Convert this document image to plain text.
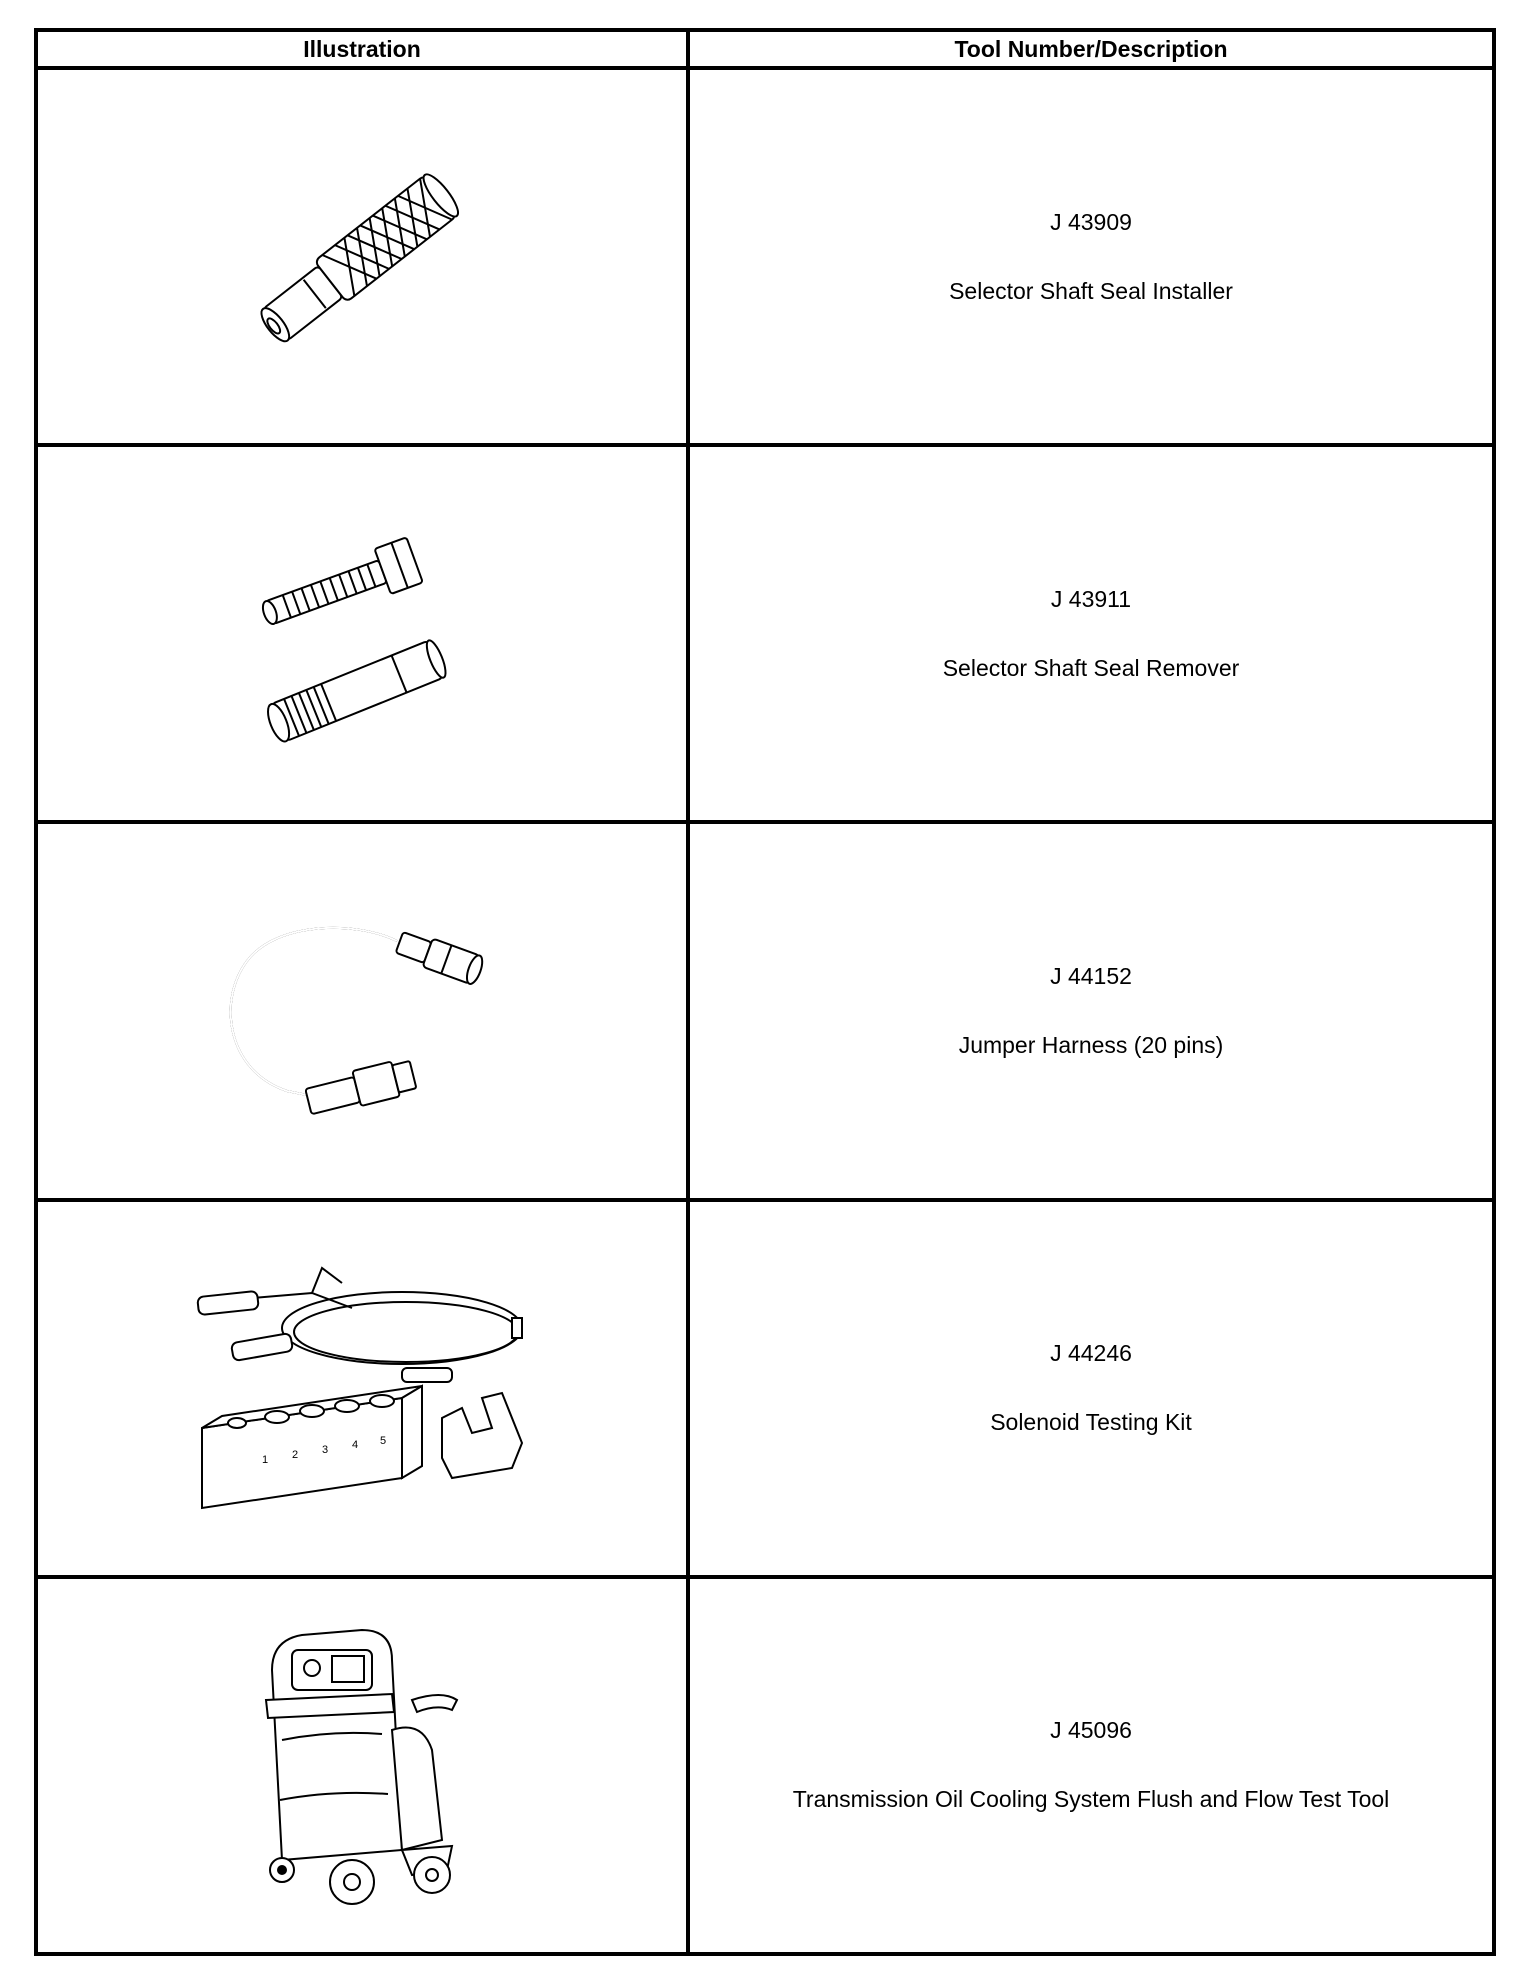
Illustration	Tool Number/Description

J 43909
Selector Shaft Seal Installer

J 43911
Selector Shaft Seal Remover

J 44152
Jumper Harness (20 pins)

1 2 3 4 5	J 44246
Solenoid Testing Kit

J 45096
Transmission Oil Cooling System Flush and Flow Test Tool
